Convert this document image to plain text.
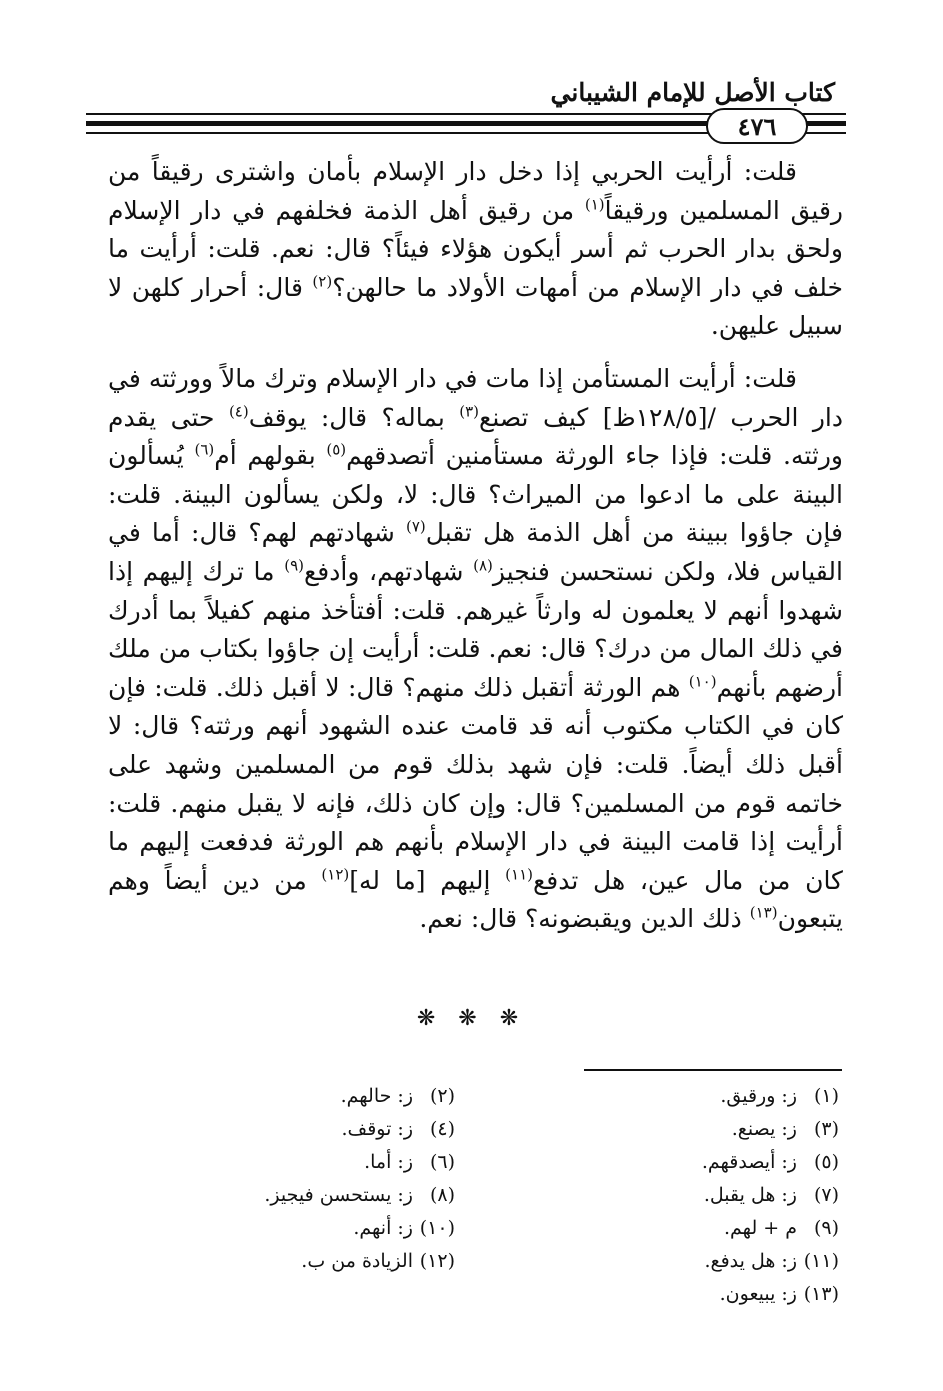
كتاب الأصل للإمام الشيباني
٤٧٦

قلت: أرأيت الحربي إذا دخل دار الإسلام بأمان واشترى رقيقاً من رقيق المسلمين ورقيقاً$^{(١)}$ من رقيق أهل الذمة فخلفهم في دار الإسلام ولحق بدار الحرب ثم أسر أيكون هؤلاء فيئاً؟ قال: نعم. قلت: أرأيت ما خلف في دار الإسلام من أمهات الأولاد ما حالهن؟$^{(٢)}$ قال: أحرار كلهن لا سبيل عليهن.

قلت: أرأيت المستأمن إذا مات في دار الإسلام وترك مالاً وورثته في دار الحرب /[١٢٨/٥ظ] كيف تصنع$^{(٣)}$ بماله؟ قال: يوقف$^{(٤)}$ حتى يقدم ورثته. قلت: فإذا جاء الورثة مستأمنين أتصدقهم$^{(٥)}$ بقولهم أم$^{(٦)}$ يُسألون البينة على ما ادعوا من الميراث؟ قال: لا، ولكن يسألون البينة. قلت: فإن جاؤوا ببينة من أهل الذمة هل تقبل$^{(٧)}$ شهادتهم لهم؟ قال: أما في القياس فلا، ولكن نستحسن فنجيز$^{(٨)}$ شهادتهم، وأدفع$^{(٩)}$ ما ترك إليهم إذا شهدوا أنهم لا يعلمون له وارثاً غيرهم. قلت: أفتأخذ منهم كفيلاً بما أدرك في ذلك المال من درك؟ قال: نعم. قلت: أرأيت إن جاؤوا بكتاب من ملك أرضهم بأنهم$^{(١٠)}$ هم الورثة أتقبل ذلك منهم؟ قال: لا أقبل ذلك. قلت: فإن كان في الكتاب مكتوب أنه قد قامت عنده الشهود أنهم ورثته؟ قال: لا أقبل ذلك أيضاً. قلت: فإن شهد بذلك قوم من المسلمين وشهد على خاتمه قوم من المسلمين؟ قال: وإن كان ذلك، فإنه لا يقبل منهم. قلت: أرأيت إذا قامت البينة في دار الإسلام بأنهم هم الورثة فدفعت إليهم ما كان من مال عين، هل تدفع$^{(١١)}$ إليهم [ما له]$^{(١٢)}$ من دين أيضاً وهم يتبعون$^{(١٣)}$ ذلك الدين ويقبضونه؟ قال: نعم.

❋ ❋ ❋
(١)ز: ورقيق.
(٣)ز: يصنع.
(٥)ز: أيصدقهم.
(٧)ز: هل يقبل.
(٩)م + لهم.
(١١)ز: هل يدفع.
(١٣)ز: يبيعون.
(٢)ز: حالهم.
(٤)ز: توقف.
(٦)ز: أما.
(٨)ز: يستحسن فيجيز.
(١٠)ز: أنهم.
(١٢)الزيادة من ب.
